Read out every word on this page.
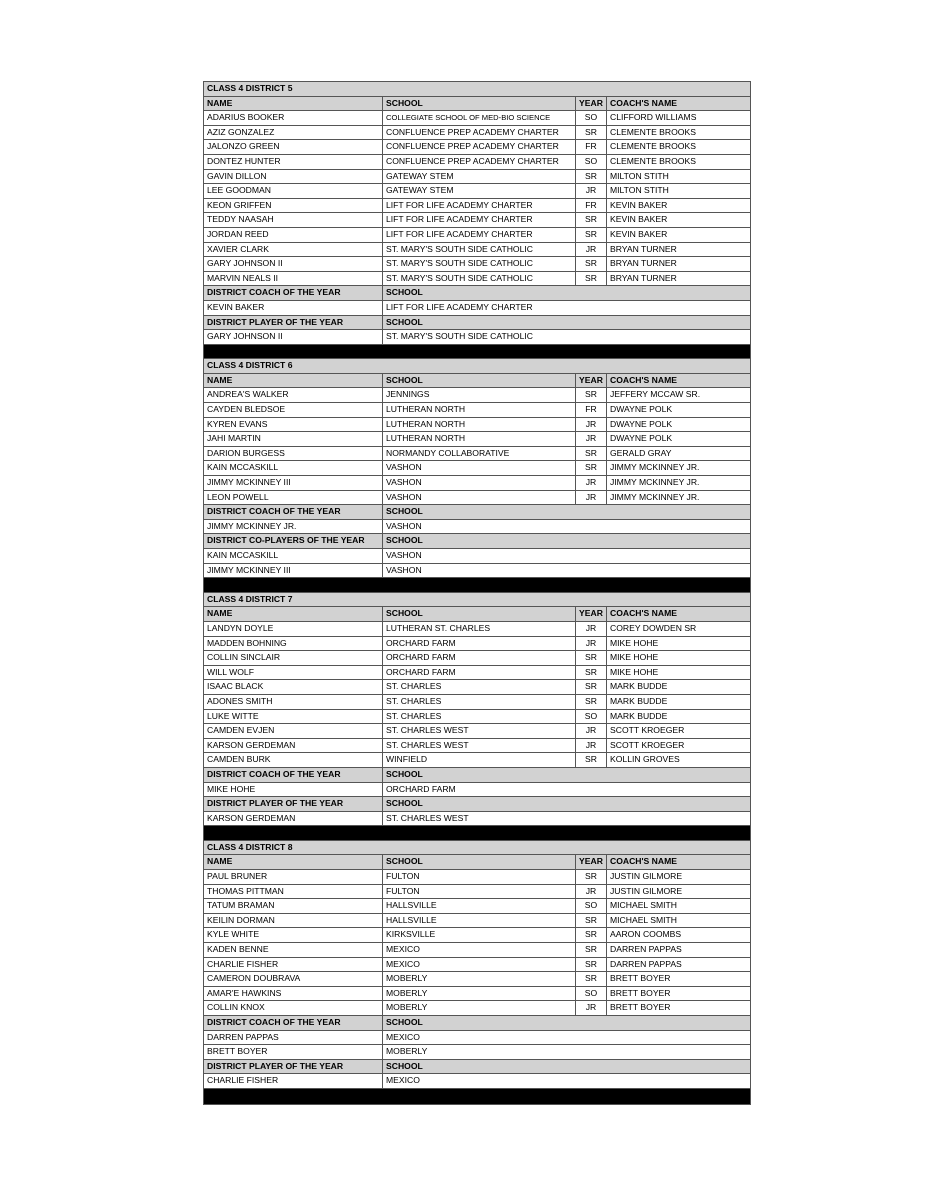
CLASS 4 DISTRICT 5
NAME	SCHOOL	YEAR COACH'S NAME
ADARIUS BOOKER	COLLEGIATE SCHOOL OF MED-BIO SCIENCE	SO	CLIFFORD WILLIAMS
AZIZ GONZALEZ	CONFLUENCE PREP ACADEMY CHARTER	SR	CLEMENTE BROOKS
JALONZO GREEN	CONFLUENCE PREP ACADEMY CHARTER	FR	CLEMENTE BROOKS
DONTEZ HUNTER	CONFLUENCE PREP ACADEMY CHARTER	SO	CLEMENTE BROOKS
GAVIN DILLON	GATEWAY STEM	SR	MILTON STITH
LEE GOODMAN	GATEWAY STEM	JR	MILTON STITH
KEON GRIFFEN	LIFT FOR LIFE ACADEMY CHARTER	FR	KEVIN BAKER
TEDDY NAASAH	LIFT FOR LIFE ACADEMY CHARTER	SR	KEVIN BAKER
JORDAN REED	LIFT FOR LIFE ACADEMY CHARTER	SR	KEVIN BAKER
XAVIER CLARK	ST. MARY'S SOUTH SIDE CATHOLIC	JR	BRYAN TURNER
GARY JOHNSON II	ST. MARY'S SOUTH SIDE CATHOLIC	SR	BRYAN TURNER
MARVIN NEALS II	ST. MARY'S SOUTH SIDE CATHOLIC	SR	BRYAN TURNER
DISTRICT COACH OF THE YEAR	SCHOOL
KEVIN BAKER	LIFT FOR LIFE ACADEMY CHARTER
DISTRICT PLAYER OF THE YEAR	SCHOOL
GARY JOHNSON II	ST. MARY'S SOUTH SIDE CATHOLIC
CLASS 4 DISTRICT 6
NAME	SCHOOL	YEAR COACH'S NAME
ANDREA'S WALKER	JENNINGS	SR	JEFFERY MCCAW SR.
CAYDEN BLEDSOE	LUTHERAN NORTH	FR	DWAYNE POLK
KYREN EVANS	LUTHERAN NORTH	JR	DWAYNE POLK
JAHI MARTIN	LUTHERAN NORTH	JR	DWAYNE POLK
DARION BURGESS	NORMANDY COLLABORATIVE	SR	GERALD GRAY
KAIN MCCASKILL	VASHON	SR	JIMMY MCKINNEY JR.
JIMMY MCKINNEY III	VASHON	JR	JIMMY MCKINNEY JR.
LEON POWELL	VASHON	JR	JIMMY MCKINNEY JR.
DISTRICT COACH OF THE YEAR	SCHOOL
JIMMY MCKINNEY JR.	VASHON
DISTRICT CO-PLAYERS OF THE YEAR	SCHOOL
KAIN MCCASKILL	VASHON
JIMMY MCKINNEY III	VASHON
CLASS 4 DISTRICT 7
NAME	SCHOOL	YEAR COACH'S NAME
LANDYN DOYLE	LUTHERAN ST. CHARLES	JR	COREY DOWDEN SR
MADDEN BOHNING	ORCHARD FARM	JR	MIKE HOHE
COLLIN SINCLAIR	ORCHARD FARM	SR	MIKE HOHE
WILL WOLF	ORCHARD FARM	SR	MIKE HOHE
ISAAC BLACK	ST. CHARLES	SR	MARK BUDDE
ADONES SMITH	ST. CHARLES	SR	MARK BUDDE
LUKE WITTE	ST. CHARLES	SO	MARK BUDDE
CAMDEN EVJEN	ST. CHARLES WEST	JR	SCOTT KROEGER
KARSON GERDEMAN	ST. CHARLES WEST	JR	SCOTT KROEGER
CAMDEN BURK	WINFIELD	SR	KOLLIN GROVES
DISTRICT COACH OF THE YEAR	SCHOOL
MIKE HOHE	ORCHARD FARM
DISTRICT PLAYER OF THE YEAR	SCHOOL
KARSON GERDEMAN	ST. CHARLES WEST
CLASS 4 DISTRICT 8
NAME	SCHOOL	YEAR COACH'S NAME
PAUL BRUNER	FULTON	SR	JUSTIN GILMORE
THOMAS PITTMAN	FULTON	JR	JUSTIN GILMORE
TATUM BRAMAN	HALLSVILLE	SO	MICHAEL SMITH
KEILIN DORMAN	HALLSVILLE	SR	MICHAEL SMITH
KYLE WHITE	KIRKSVILLE	SR	AARON COOMBS
KADEN BENNE	MEXICO	SR	DARREN PAPPAS
CHARLIE FISHER	MEXICO	SR	DARREN PAPPAS
CAMERON DOUBRAVA	MOBERLY	SR	BRETT BOYER
AMAR'E HAWKINS	MOBERLY	SO	BRETT BOYER
COLLIN KNOX	MOBERLY	JR	BRETT BOYER
DISTRICT COACH OF THE YEAR	SCHOOL
DARREN PAPPAS	MEXICO
BRETT BOYER	MOBERLY
DISTRICT PLAYER OF THE YEAR	SCHOOL
CHARLIE FISHER	MEXICO
